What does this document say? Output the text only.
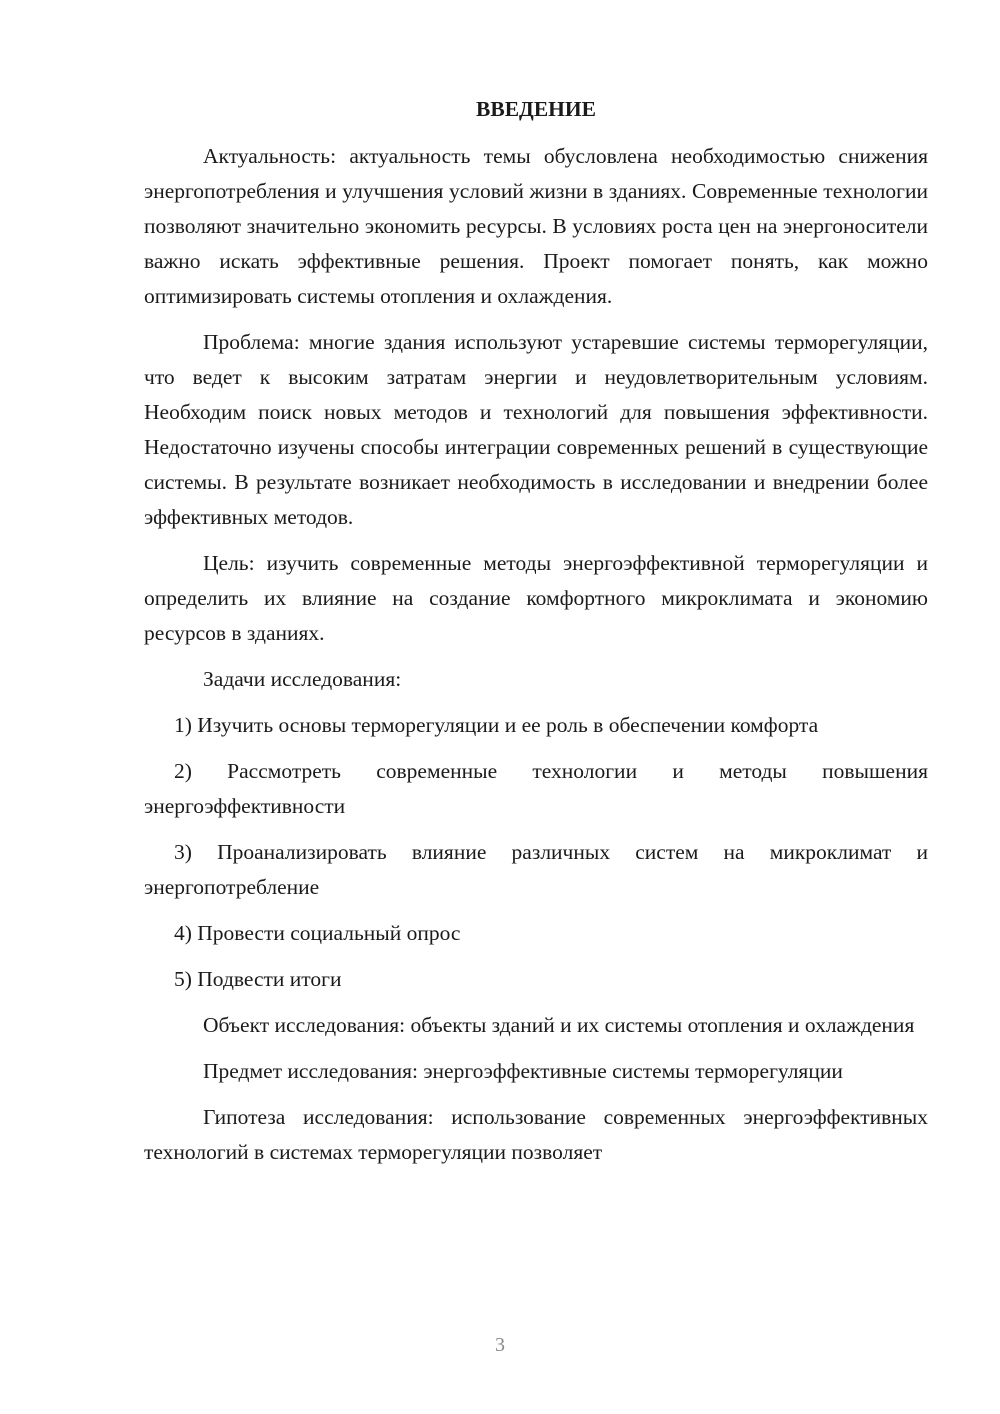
ВВЕДЕНИЕ

Актуальность: актуальность темы обусловлена необходимостью снижения энергопотребления и улучшения условий жизни в зданиях. Современные технологии позволяют значительно экономить ресурсы. В условиях роста цен на энергоносители важно искать эффективные решения. Проект помогает понять, как можно оптимизировать системы отопления и охлаждения.

Проблема: многие здания используют устаревшие системы терморегуляции, что ведет к высоким затратам энергии и неудовлетворительным условиям. Необходим поиск новых методов и технологий для повышения эффективности. Недостаточно изучены способы интеграции современных решений в существующие системы. В результате возникает необходимость в исследовании и внедрении более эффективных методов.

Цель: изучить современные методы энергоэффективной терморегуляции и определить их влияние на создание комфортного микроклимата и экономию ресурсов в зданиях.

Задачи исследования:

1) Изучить основы терморегуляции и ее роль в обеспечении комфорта

2) Рассмотреть современные технологии и методы повышения энергоэффективности

3) Проанализировать влияние различных систем на микроклимат и энергопотребление

4) Провести социальный опрос

5) Подвести итоги

Объект исследования: объекты зданий и их системы отопления и охлаждения

Предмет исследования: энергоэффективные системы терморегуляции

Гипотеза исследования: использование современных энергоэффективных технологий в системах терморегуляции позволяет

3
